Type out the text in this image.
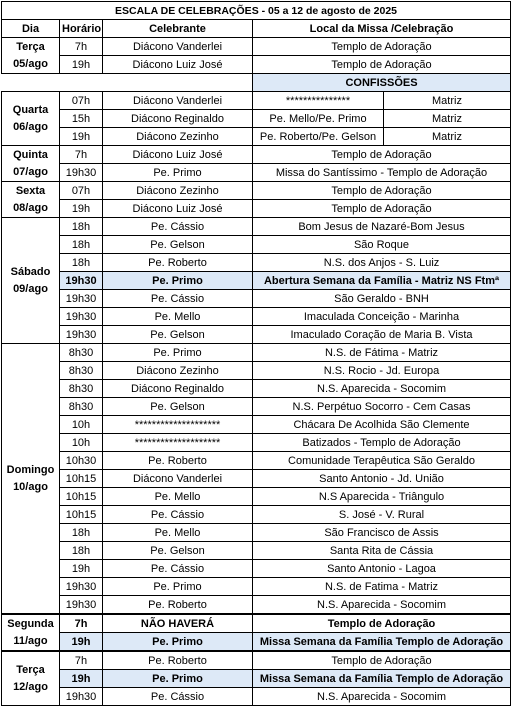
ESCALA DE CELEBRAÇÕES - 05 a 12 de agosto de 2025				
Dia	Horário	Celebrante	Local da Missa /Celebração	
Terça
05/ago	7h	Diácono Vanderlei	Templo de Adoração	
	19h	Diácono Luiz José	Templo de Adoração	
			CONFISSÕES	
Quarta
06/ago	07h	Diácono Vanderlei	***************	Matriz
	15h	Diácono Reginaldo	Pe. Mello/Pe. Primo	Matriz
	19h	Diácono Zezinho	Pe. Roberto/Pe. Gelson	Matriz
Quinta
07/ago	7h	Diácono Luiz José	Templo de Adoração	
	19h30	Pe. Primo	Missa do Santíssimo - Templo de Adoração	
Sexta
08/ago	07h	Diácono Zezinho	Templo de Adoração	
	19h	Diácono Luiz José	Templo de Adoração	
Sábado
09/ago	18h	Pe. Cássio	Bom Jesus de Nazaré-Bom Jesus	
	18h	Pe. Gelson	São Roque	
	18h	Pe. Roberto	N.S. dos Anjos - S. Luiz	
	19h30	Pe. Primo	Abertura Semana da Família - Matriz NS Ftmª	
	19h30	Pe. Cássio	São Geraldo - BNH	
	19h30	Pe. Mello	Imaculada Conceição - Marinha	
	19h30	Pe. Gelson	Imaculado Coração de Maria B. Vista	
Domingo
10/ago	8h30	Pe. Primo	N.S. de Fátima - Matriz	
	8h30	Diácono Zezinho	N.S. Rocio - Jd. Europa	
	8h30	Diácono Reginaldo	N.S. Aparecida - Socomim	
	8h30	Pe. Gelson	N.S. Perpétuo Socorro - Cem Casas	
	10h	********************	Chácara De Acolhida São Clemente	
	10h	********************	Batizados - Templo de Adoração	
	10h30	Pe. Roberto	Comunidade Terapêutica São Geraldo	
	10h15	Diácono Vanderlei	Santo Antonio - Jd. União	
	10h15	Pe. Mello	N.S Aparecida - Triângulo	
	10h15	Pe. Cássio	S. José - V. Rural	
	18h	Pe. Mello	São Francisco de Assis	
	18h	Pe. Gelson	Santa Rita de Cássia	
	19h	Pe. Cássio	Santo Antonio - Lagoa	
	19h30	Pe. Primo	N.S. de Fatima - Matriz	
	19h30	Pe. Roberto	N.S. Aparecida - Socomim	
Segunda
11/ago	7h	NÃO HAVERÁ	Templo de Adoração	
	19h	Pe. Primo	Missa Semana da Família Templo de Adoração	
Terça
12/ago	7h	Pe. Roberto	Templo de Adoração	
	19h	Pe. Primo	Missa Semana da Família Templo de Adoração	
	19h30	Pe. Cássio	N.S. Aparecida - Socomim	
